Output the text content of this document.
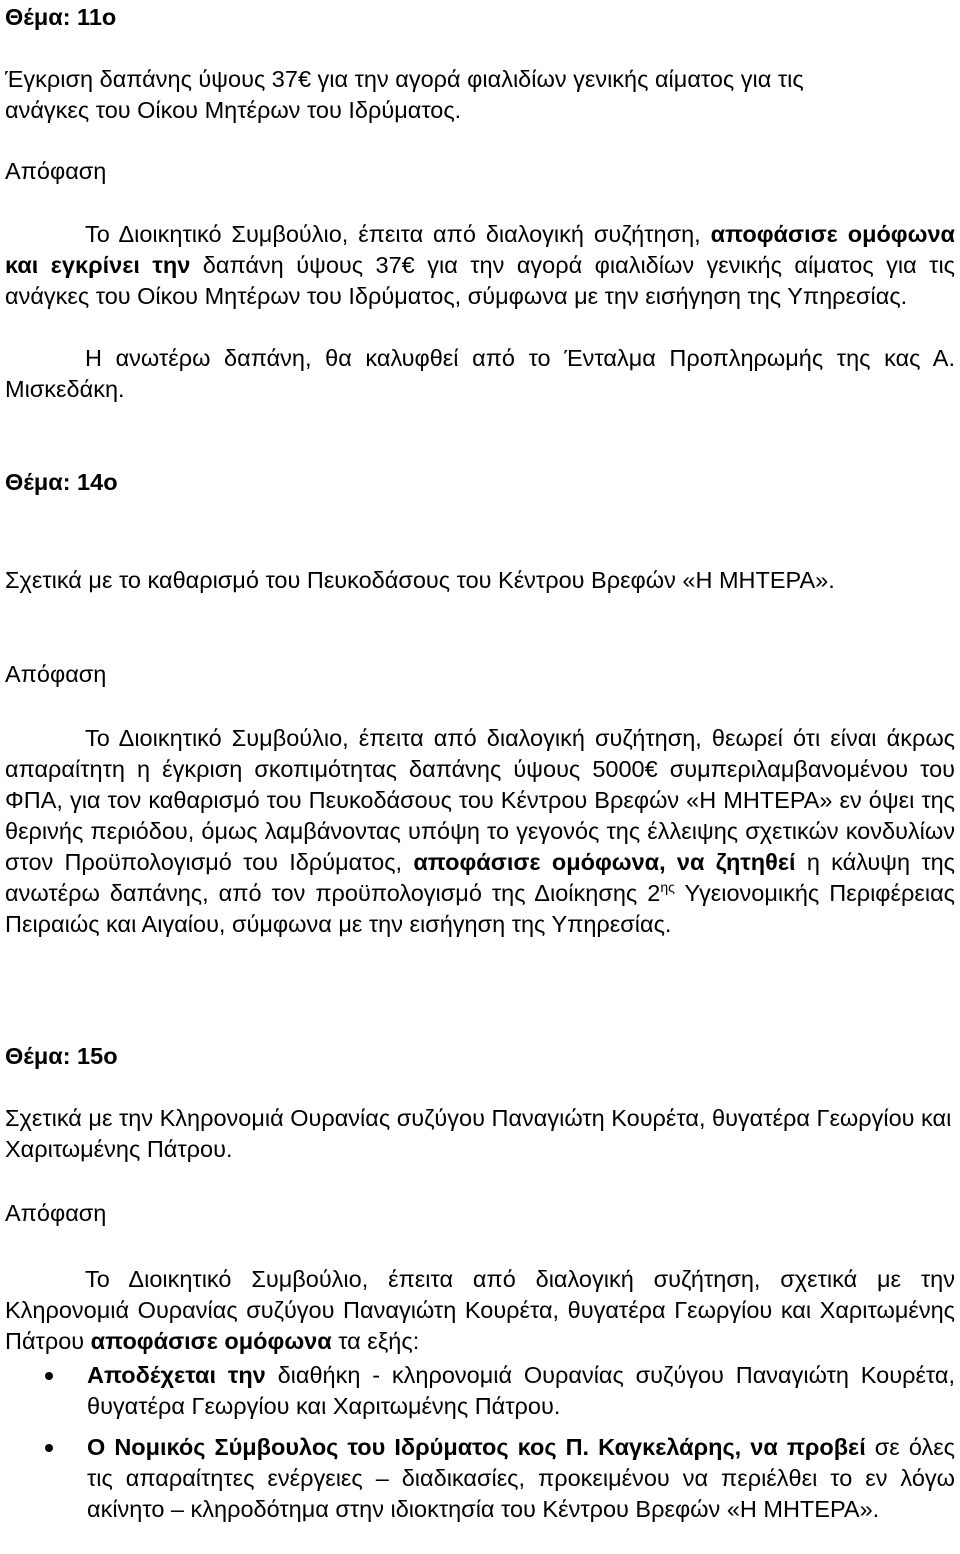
Θέμα: 11ο
Έγκριση δαπάνης ύψους 37€ για την αγορά φιαλιδίων γενικής αίματος για τις
ανάγκες του Οίκου Μητέρων του Ιδρύματος.
Απόφαση

Το Διοικητικό Συμβούλιο, έπειτα από διαλογική συζήτηση, αποφάσισε ομόφωνα και εγκρίνει την δαπάνη ύψους 37€ για την αγορά φιαλιδίων γενικής αίματος για τις ανάγκες του Οίκου Μητέρων του Ιδρύματος, σύμφωνα με την εισήγηση της Υπηρεσίας.

Η ανωτέρω δαπάνη, θα καλυφθεί από το Ένταλμα Προπληρωμής της κας Α. Μισκεδάκη.

Θέμα: 14ο

Σχετικά με το καθαρισμό του Πευκοδάσους του Κέντρου Βρεφών «Η ΜΗΤΕΡΑ».

Απόφαση

Το Διοικητικό Συμβούλιο, έπειτα από διαλογική συζήτηση, θεωρεί ότι είναι άκρως απαραίτητη η έγκριση σκοπιμότητας δαπάνης ύψους 5000€ συμπεριλαμβανομένου του ΦΠΑ, για τον καθαρισμό του Πευκοδάσους του Κέντρου Βρεφών «Η ΜΗΤΕΡΑ» εν όψει της θερινής περιόδου, όμως λαμβάνοντας υπόψη το γεγονός της έλλειψης σχετικών κονδυλίων στον Προϋπολογισμό του Ιδρύματος, αποφάσισε ομόφωνα, να ζητηθεί η κάλυψη της ανωτέρω δαπάνης, από τον προϋπολογισμό της Διοίκησης $2^{\eta\varsigma}$ Υγειονομικής Περιφέρειας Πειραιώς και Αιγαίου, σύμφωνα με την εισήγηση της Υπηρεσίας.

Θέμα: 15ο

Σχετικά με την Κληρονομιά Ουρανίας συζύγου Παναγιώτη Κουρέτα, θυγατέρα Γεωργίου και Χαριτωμένης Πάτρου.

Απόφαση

Το Διοικητικό Συμβούλιο, έπειτα από διαλογική συζήτηση, σχετικά με την Κληρονομιά Ουρανίας συζύγου Παναγιώτη Κουρέτα, θυγατέρα Γεωργίου και Χαριτωμένης Πάτρου αποφάσισε ομόφωνα τα εξής:

Αποδέχεται την διαθήκη - κληρονομιά Ουρανίας συζύγου Παναγιώτη Κουρέτα, θυγατέρα Γεωργίου και Χαριτωμένης Πάτρου.
Ο Νομικός Σύμβουλος του Ιδρύματος κος Π. Καγκελάρης, να προβεί σε όλες τις απαραίτητες ενέργειες – διαδικασίες, προκειμένου να περιέλθει το εν λόγω ακίνητο – κληροδότημα στην ιδιοκτησία του Κέντρου Βρεφών «Η ΜΗΤΕΡΑ».
